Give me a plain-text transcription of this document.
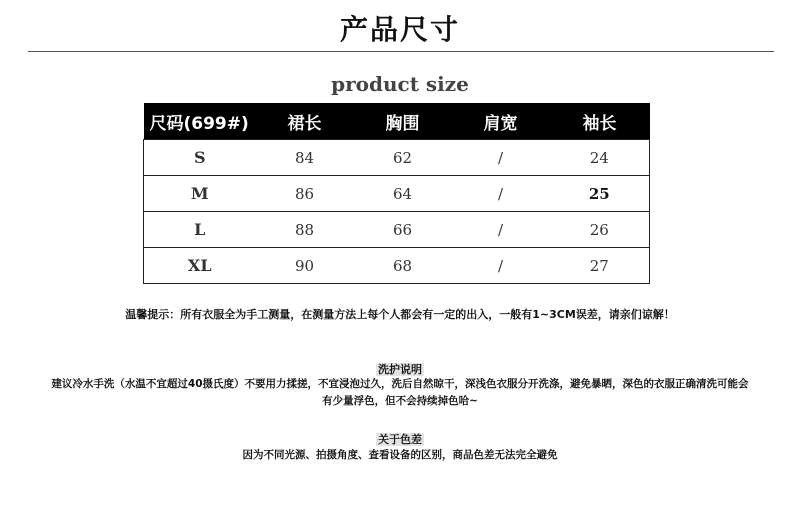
产品尺寸
product size
尺码(699#)	裙长	胸围	肩宽	袖长
S	84	62	/	24
M	86	64	/	25
L	88	66	/	26
XL	90	68	/	27
温馨提示：所有衣服全为手工测量，在测量方法上每个人都会有一定的出入，一般有1~3CM误差，请亲们谅解！
洗护说明
建议冷水手洗（水温不宜超过40摄氏度）不要用力揉搓，不宜浸泡过久，洗后自然晾干，深浅色衣服分开洗涤，避免暴晒，深色的衣服正确清洗可能会
有少量浮色，但不会持续掉色哈~
关于色差
因为不同光源、拍摄角度、查看设备的区别，商品色差无法完全避免
